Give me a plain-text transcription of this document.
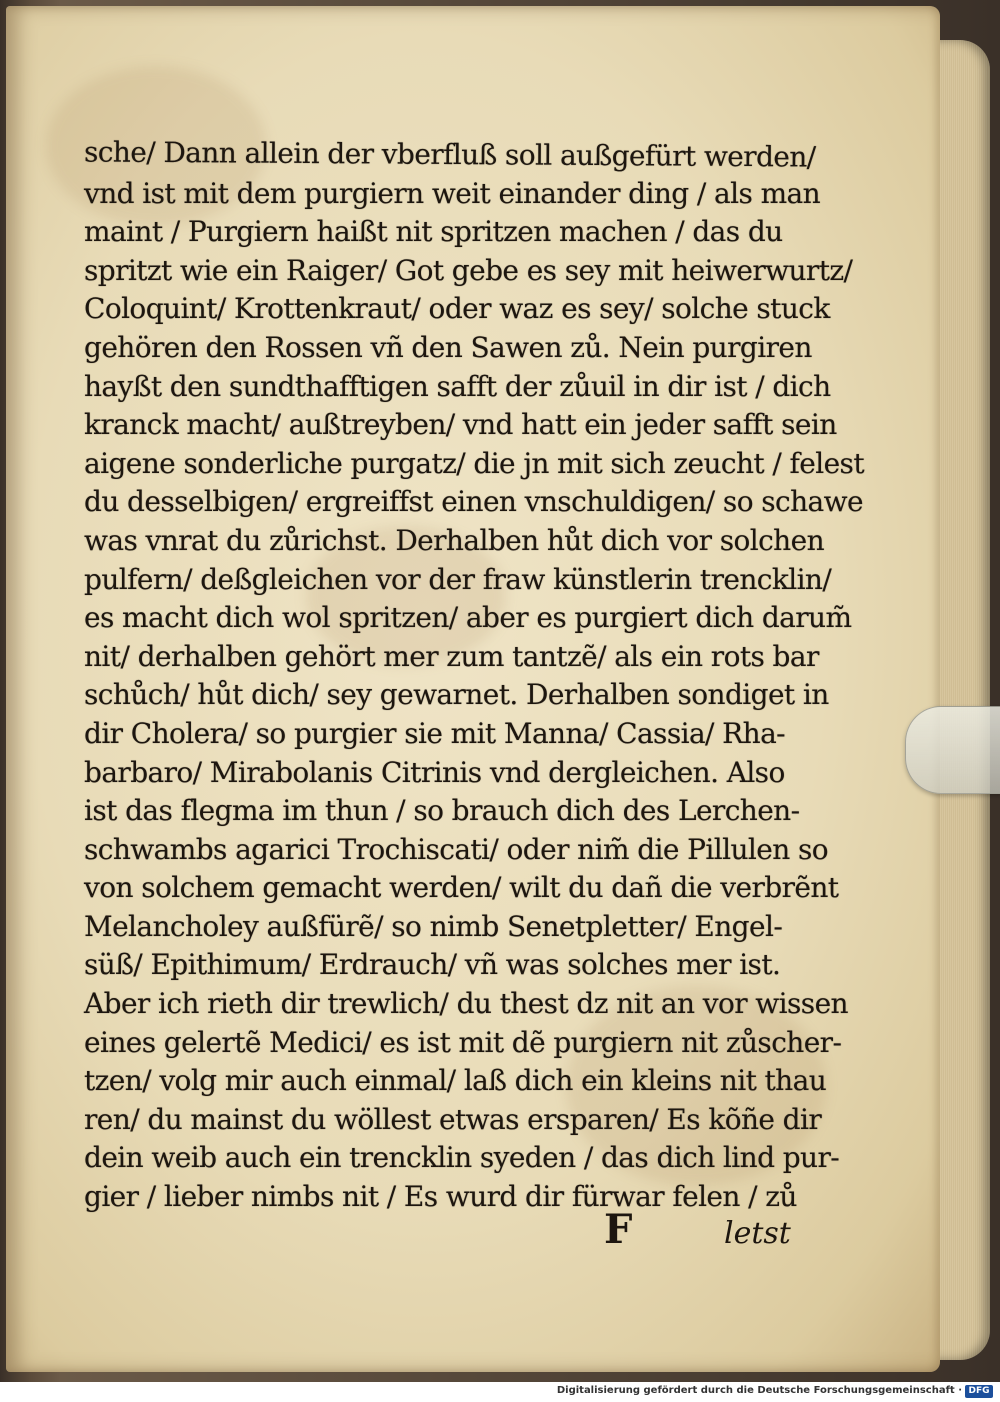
sche/ Dann allein der vberfluß soll außgefürt werden/
vnd ist mit dem purgiern weit einander ding / als man
maint / Purgiern haißt nit spritzen machen / das du
spritzt wie ein Raiger/ Got gebe es sey mit heiwerwurtz/
Coloquint/ Krottenkraut/ oder waz es sey/ solche stuck
gehören den Rossen vñ den Sawen zů. Nein purgiren
hayßt den sundthafftigen safft der zůuil in dir ist / dich
kranck macht/ außtreyben/ vnd hatt ein jeder safft sein
aigene sonderliche purgatz/ die jn mit sich zeucht / felest
du desselbigen/ ergreiffst einen vnschuldigen/ so schawe
was vnrat du zůrichst. Derhalben hůt dich vor solchen
pulfern/ deßgleichen vor der fraw künstlerin trencklin/
es macht dich wol spritzen/ aber es purgiert dich darum̃
nit/ derhalben gehört mer zum tantzẽ/ als ein rots bar
schůch/ hůt dich/ sey gewarnet. Derhalben sondiget in
dir Cholera/ so purgier sie mit Manna/ Cassia/ Rha-
barbaro/ Mirabolanis Citrinis vnd dergleichen. Also
ist das flegma im thun / so brauch dich des Lerchen-
schwambs agarici Trochiscati/ oder nim̃ die Pillulen so
von solchem gemacht werden/ wilt du dañ die verbrẽnt
Melancholey außfürẽ/ so nimb Senetpletter/ Engel-
süß/ Epithimum/ Erdrauch/ vñ was solches mer ist.
Aber ich rieth dir trewlich/ du thest dz nit an vor wissen
eines gelertẽ Medici/ es ist mit dẽ purgiern nit zůscher-
tzen/ volg mir auch einmal/ laß dich ein kleins nit thau
ren/ du mainst du wöllest etwas ersparen/ Es kõñe dir
dein weib auch ein trencklin syeden / das dich lind pur-
gier / lieber nimbs nit / Es wurd dir fürwar felen / zů
F	letst
Digitalisierung gefördert durch die Deutsche Forschungsgemeinschaft · DFG
